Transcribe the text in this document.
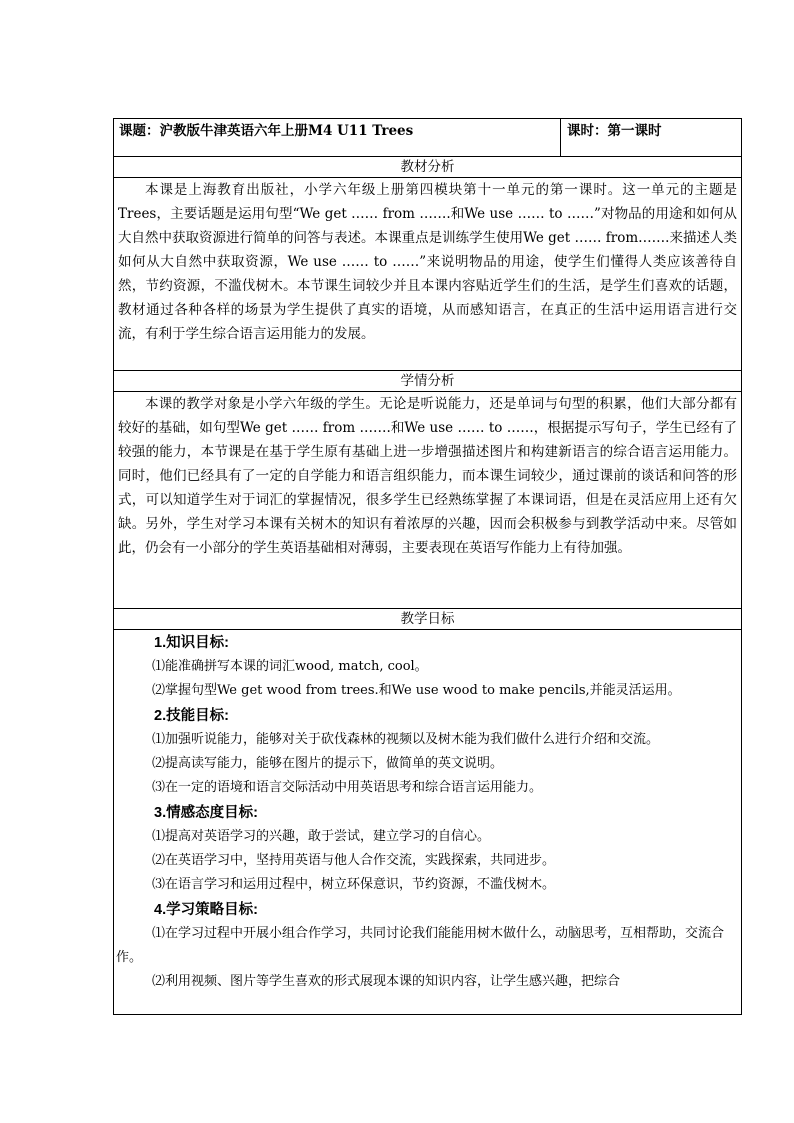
课题：沪教版牛津英语六年上册M4 U11 Trees	课时：第一课时
教材分析

本课是上海教育出版社，小学六年级上册第四模块第十一单元的第一课时。这一单元的主题是Trees，主要话题是运用句型“We get …… from …….和We use …… to ……”对物品的用途和如何从大自然中获取资源进行简单的问答与表述。本课重点是训练学生使用We get …… from…….来描述人类如何从大自然中获取资源，We use …… to ……”来说明物品的用途，使学生们懂得人类应该善待自然，节约资源，不滥伐树木。本节课生词较少并且本课内容贴近学生们的生活，是学生们喜欢的话题，教材通过各种各样的场景为学生提供了真实的语境，从而感知语言，在真正的生活中运用语言进行交流，有利于学生综合语言运用能力的发展。

学情分析

本课的教学对象是小学六年级的学生。无论是听说能力，还是单词与句型的积累，他们大部分都有较好的基础，如句型We get …… from …….和We use …… to ……，根据提示写句子，学生已经有了较强的能力，本节课是在基于学生原有基础上进一步增强描述图片和构建新语言的综合语言运用能力。同时，他们已经具有了一定的自学能力和语言组织能力，而本课生词较少，通过课前的谈话和问答的形式，可以知道学生对于词汇的掌握情况，很多学生已经熟练掌握了本课词语，但是在灵活应用上还有欠缺。另外，学生对学习本课有关树木的知识有着浓厚的兴趣，因而会积极参与到教学活动中来。尽管如此，仍会有一小部分的学生英语基础相对薄弱，主要表现在英语写作能力上有待加强。

教学日标

1.知识目标:

⑴能准确拼写本课的词汇wood, match, cool。

⑵掌握句型We get wood from trees.和We use wood to make pencils,并能灵活运用。

2.技能目标:

⑴加强听说能力，能够对关于砍伐森林的视频以及树木能为我们做什么进行介绍和交流。

⑵提高读写能力，能够在图片的提示下，做简单的英文说明。

⑶在一定的语境和语言交际活动中用英语思考和综合语言运用能力。

3.情感态度目标:

⑴提高对英语学习的兴趣，敢于尝试，建立学习的自信心。

⑵在英语学习中，坚持用英语与他人合作交流，实践探索，共同进步。

⑶在语言学习和运用过程中，树立环保意识，节约资源，不滥伐树木。

4.学习策略目标:

⑴在学习过程中开展小组合作学习，共同讨论我们能能用树木做什么，动脑思考，互相帮助，交流合作。

⑵利用视频、图片等学生喜欢的形式展现本课的知识内容，让学生感兴趣，把综合
